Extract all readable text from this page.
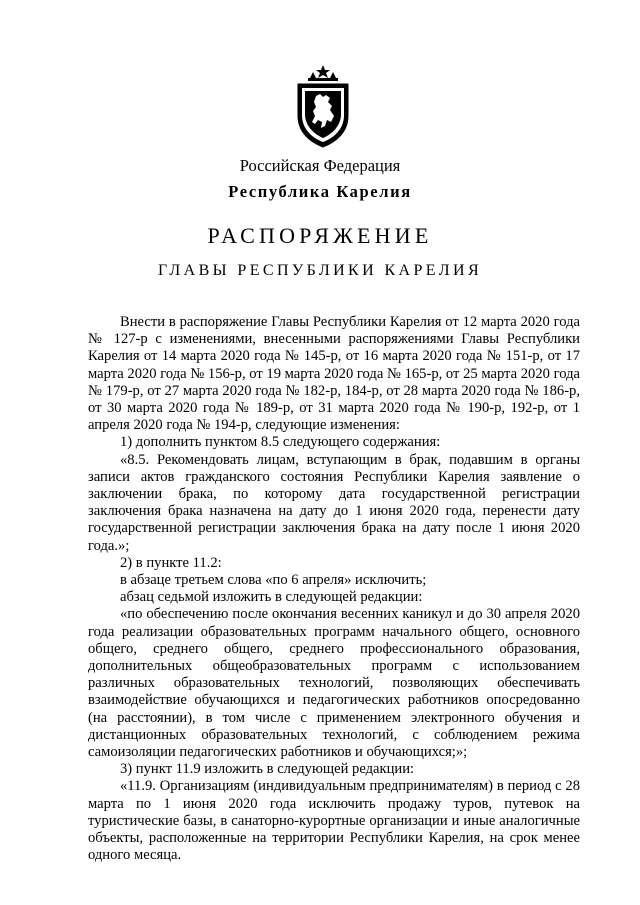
Российская Федерация
Республика Карелия
РАСПОРЯЖЕНИЕ
ГЛАВЫ РЕСПУБЛИКИ КАРЕЛИЯ

Внести в распоряжение Главы Республики Карелия от 12 марта 2020 года № 127-р с изменениями, внесенными распоряжениями Главы Республики Карелия от 14 марта 2020 года № 145-р, от 16 марта 2020 года № 151-р, от 17 марта 2020 года № 156-р, от 19 марта 2020 года № 165-р, от 25 марта 2020 года № 179-р, от 27 марта 2020 года № 182-р, 184-р, от 28 марта 2020 года № 186-р, от 30 марта 2020 года № 189-р, от 31 марта 2020 года № 190-р, 192-р, от 1 апреля 2020 года № 194-р, следующие изменения:

1) дополнить пунктом 8.5 следующего содержания:

«8.5. Рекомендовать лицам, вступающим в брак, подавшим в органы записи актов гражданского состояния Республики Карелия заявление о заключении брака, по которому дата государственной регистрации заключения брака назначена на дату до 1 июня 2020 года, перенести дату государственной регистрации заключения брака на дату после 1 июня 2020 года.»;

2) в пункте 11.2:

в абзаце третьем слова «по 6 апреля» исключить;

абзац седьмой изложить в следующей редакции:

«по обеспечению после окончания весенних каникул и до 30 апреля 2020 года реализации образовательных программ начального общего, основного общего, среднего общего, среднего профессионального образования, дополнительных общеобразовательных программ с использованием различных образовательных технологий, позволяющих обеспечивать взаимодействие обучающихся и педагогических работников опосредованно (на расстоянии), в том числе с применением электронного обучения и дистанционных образовательных технологий, с соблюдением режима самоизоляции педагогических работников и обучающихся;»;

3) пункт 11.9 изложить в следующей редакции:

«11.9. Организациям (индивидуальным предпринимателям) в период с 28 марта по 1 июня 2020 года исключить продажу туров, путевок на туристические базы, в санаторно-курортные организации и иные аналогичные объекты, расположенные на территории Республики Карелия, на срок менее одного месяца.
